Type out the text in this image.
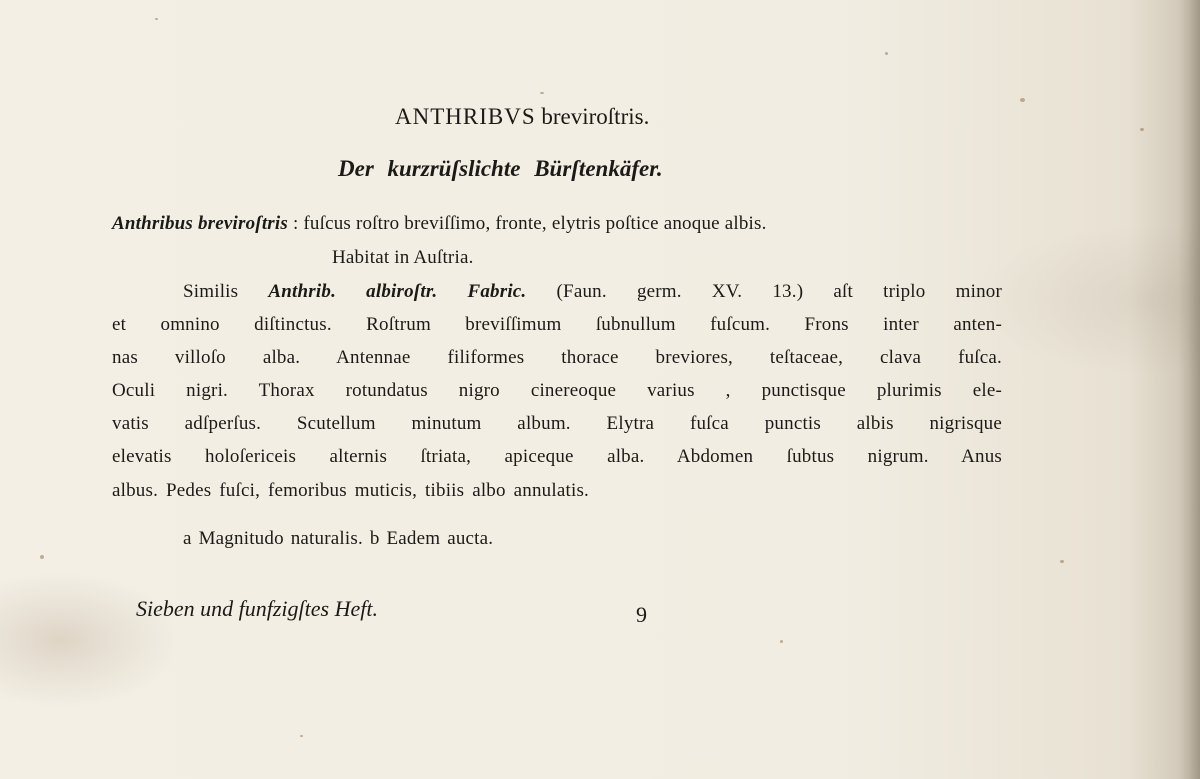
ANTHRIBVS breviroſtris.
Der kurzrüſslichte Bürſtenkäfer.
Anthribus breviroſtris : fuſcus roſtro breviſſimo, fronte, elytris poſtice anoque albis.
Habitat in Auſtria.
Similis Anthrib. albiroſtr. Fabric. (Faun. germ. XV. 13.) aſt triplo minor
et omnino diſtinctus. Roſtrum breviſſimum ſubnullum fuſcum. Frons inter anten-
nas villoſo alba. Antennae filiformes thorace breviores, teſtaceae, clava fuſca.
Oculi nigri. Thorax rotundatus nigro cinereoque varius , punctisque plurimis ele-
vatis adſperſus. Scutellum minutum album. Elytra fuſca punctis albis nigrisque
elevatis holoſericeis alternis ſtriata, apiceque alba. Abdomen ſubtus nigrum. Anus
albus. Pedes fuſci, femoribus muticis, tibiis albo annulatis.
a Magnitudo naturalis. b Eadem aucta.
Sieben und funfzigſtes Heft.	9
